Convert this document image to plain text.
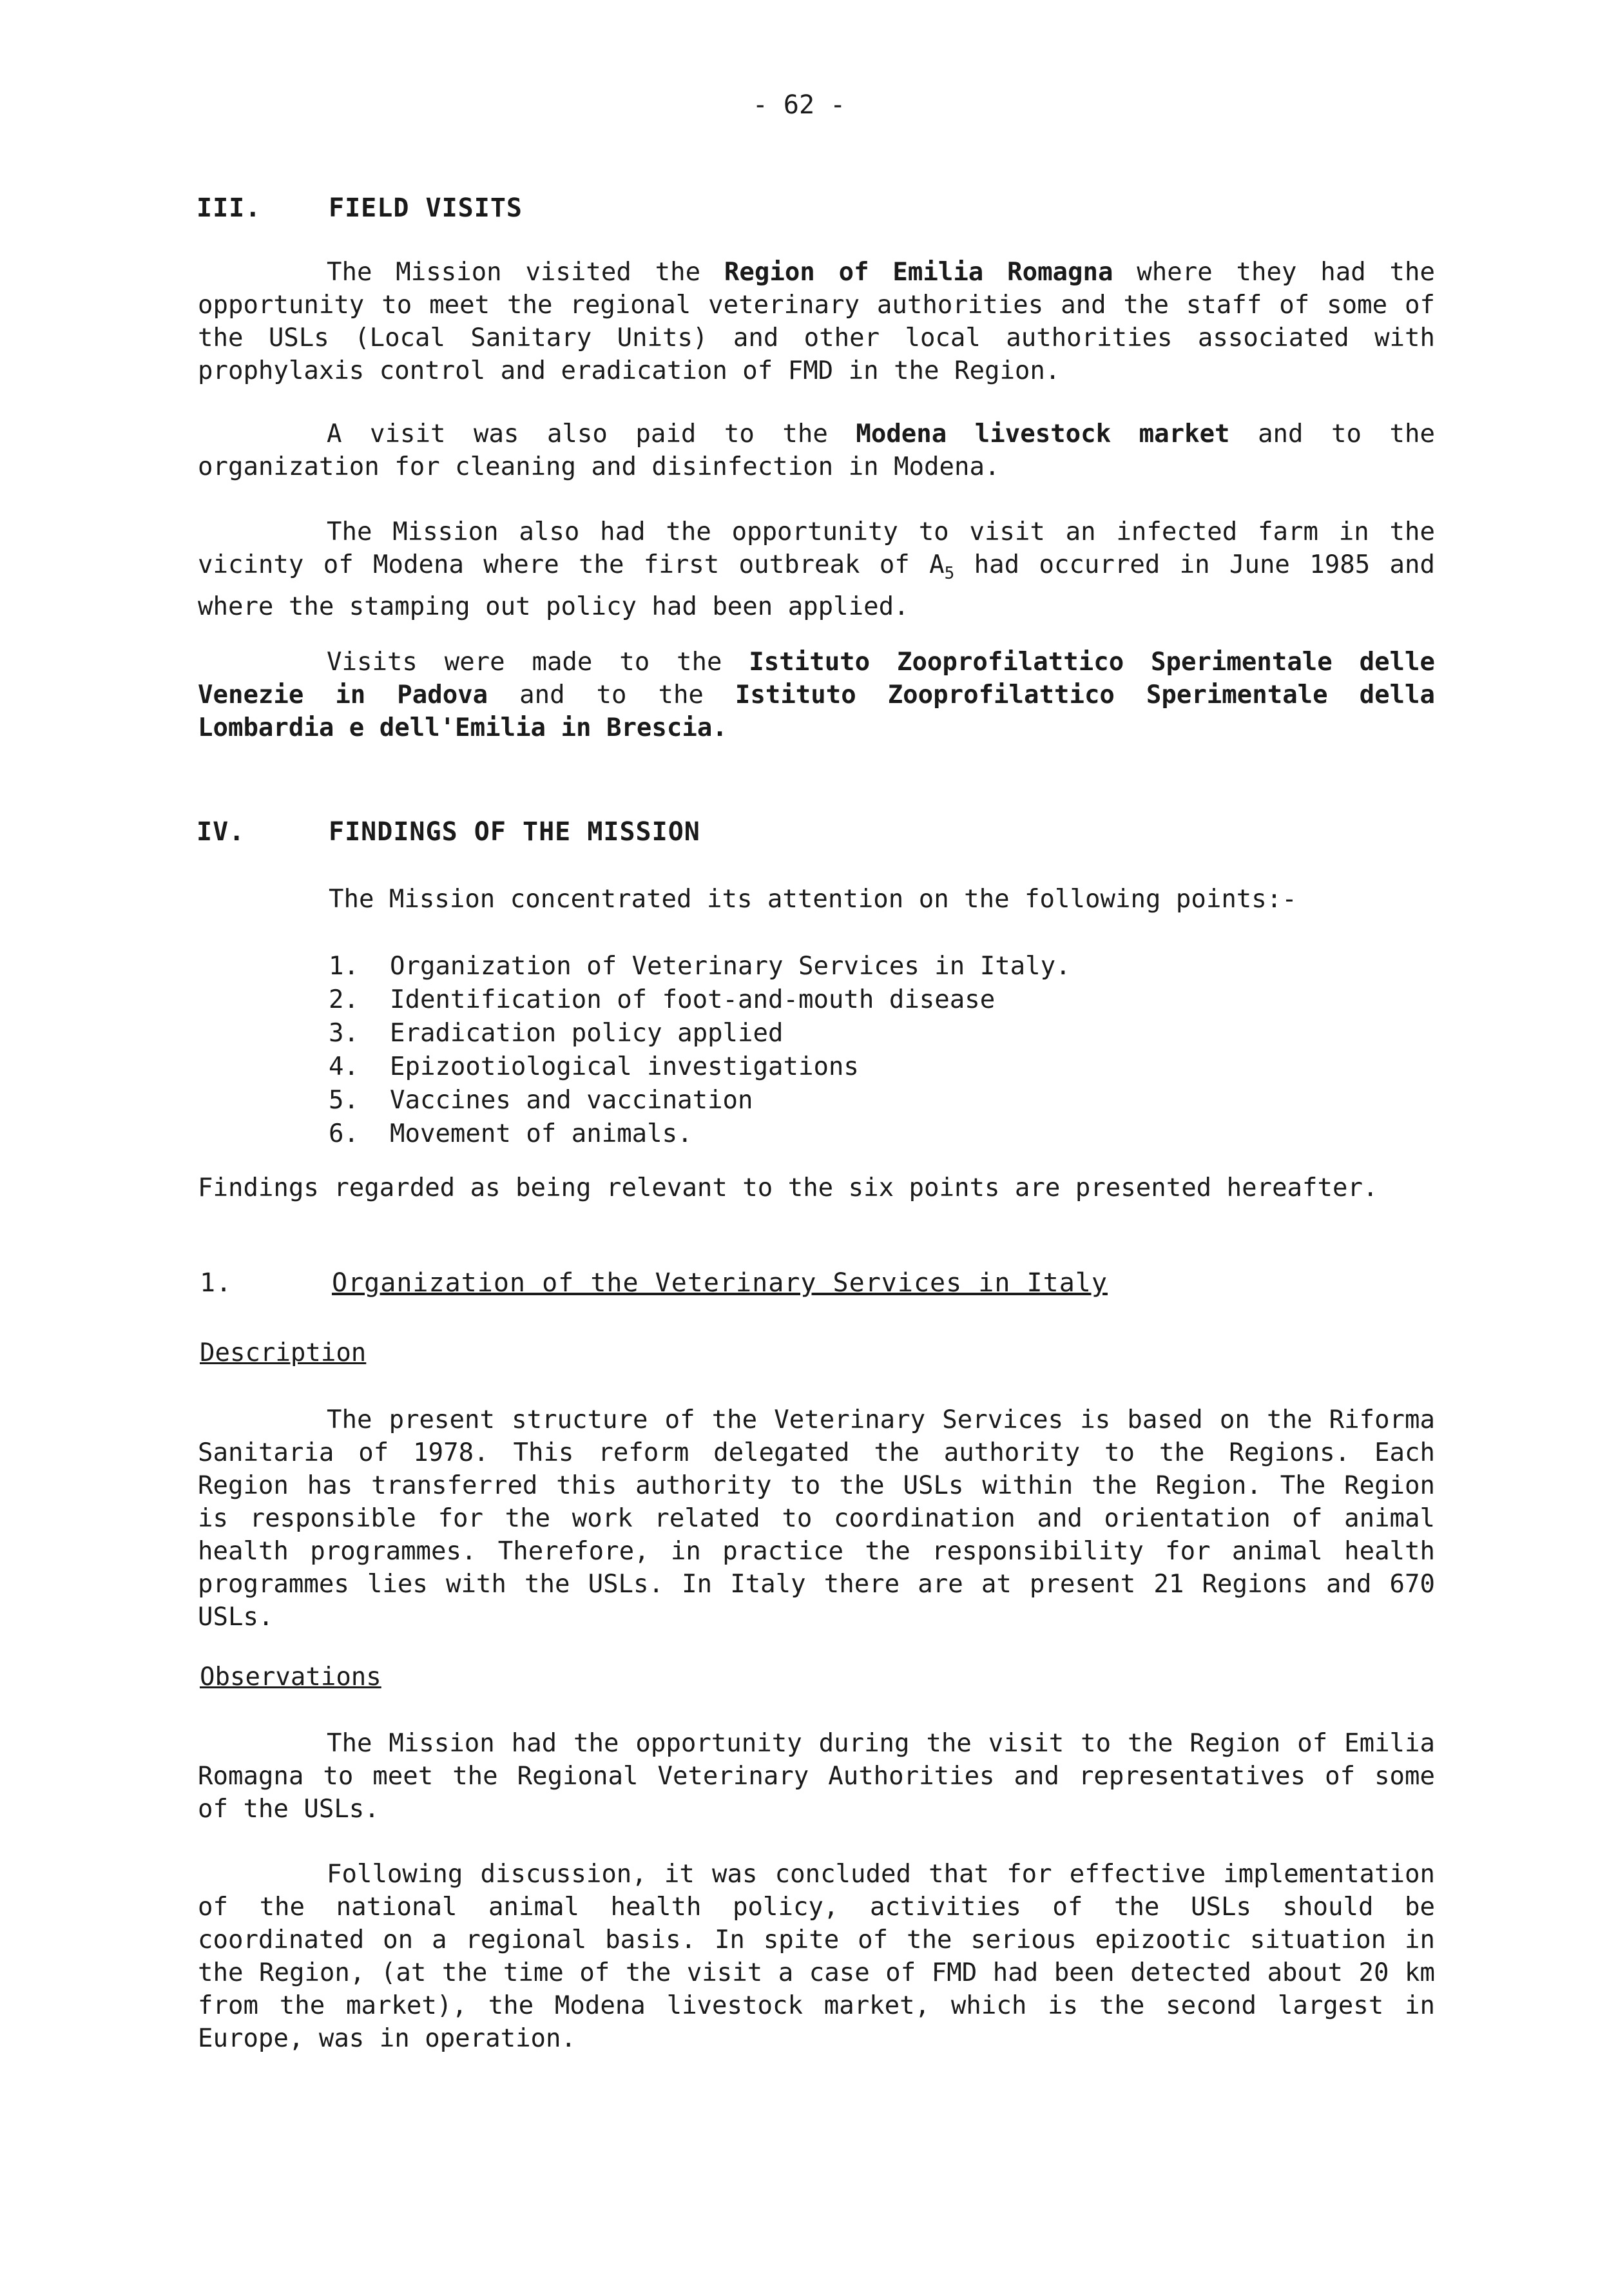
- 62 -
III.	FIELD VISITS
The Mission visited the Region of Emilia Romagna where they had the opportunity to meet the regional veterinary authorities and the staff of some of the USLs (Local Sanitary Units) and other local authorities associated with prophylaxis control and eradication of FMD in the Region.
A visit was also paid to the Modena livestock market and to the organization for cleaning and disinfection in Modena.
The Mission also had the opportunity to visit an infected farm in the vicinty of Modena where the first outbreak of $A_5$ had occurred in June 1985 and where the stamping out policy had been applied.
Visits were made to the Istituto Zooprofilattico Sperimentale delle Venezie in Padova and to the Istituto Zooprofilattico Sperimentale della Lombardia e dell'Emilia in Brescia.
IV.	FINDINGS OF THE MISSION
The Mission concentrated its attention on the following points:-
1. Organization of Veterinary Services in Italy.
2. Identification of foot-and-mouth disease
3. Eradication policy applied
4. Epizootiological investigations
5. Vaccines and vaccination
6. Movement of animals.
Findings regarded as being relevant to the six points are presented hereafter.
1.	Organization of the Veterinary Services in Italy
Description
The present structure of the Veterinary Services is based on the Riforma Sanitaria of 1978. This reform delegated the authority to the Regions. Each Region has transferred this authority to the USLs within the Region. The Region is responsible for the work related to coordination and orientation of animal health programmes. Therefore, in practice the responsibility for animal health programmes lies with the USLs. In Italy there are at present 21 Regions and 670 USLs.
Observations
The Mission had the opportunity during the visit to the Region of Emilia Romagna to meet the Regional Veterinary Authorities and representatives of some of the USLs.
Following discussion, it was concluded that for effective implementation of the national animal health policy, activities of the USLs should be coordinated on a regional basis. In spite of the serious epizootic situation in the Region, (at the time of the visit a case of FMD had been detected about 20 km from the market), the Modena livestock market, which is the second largest in Europe, was in operation.
